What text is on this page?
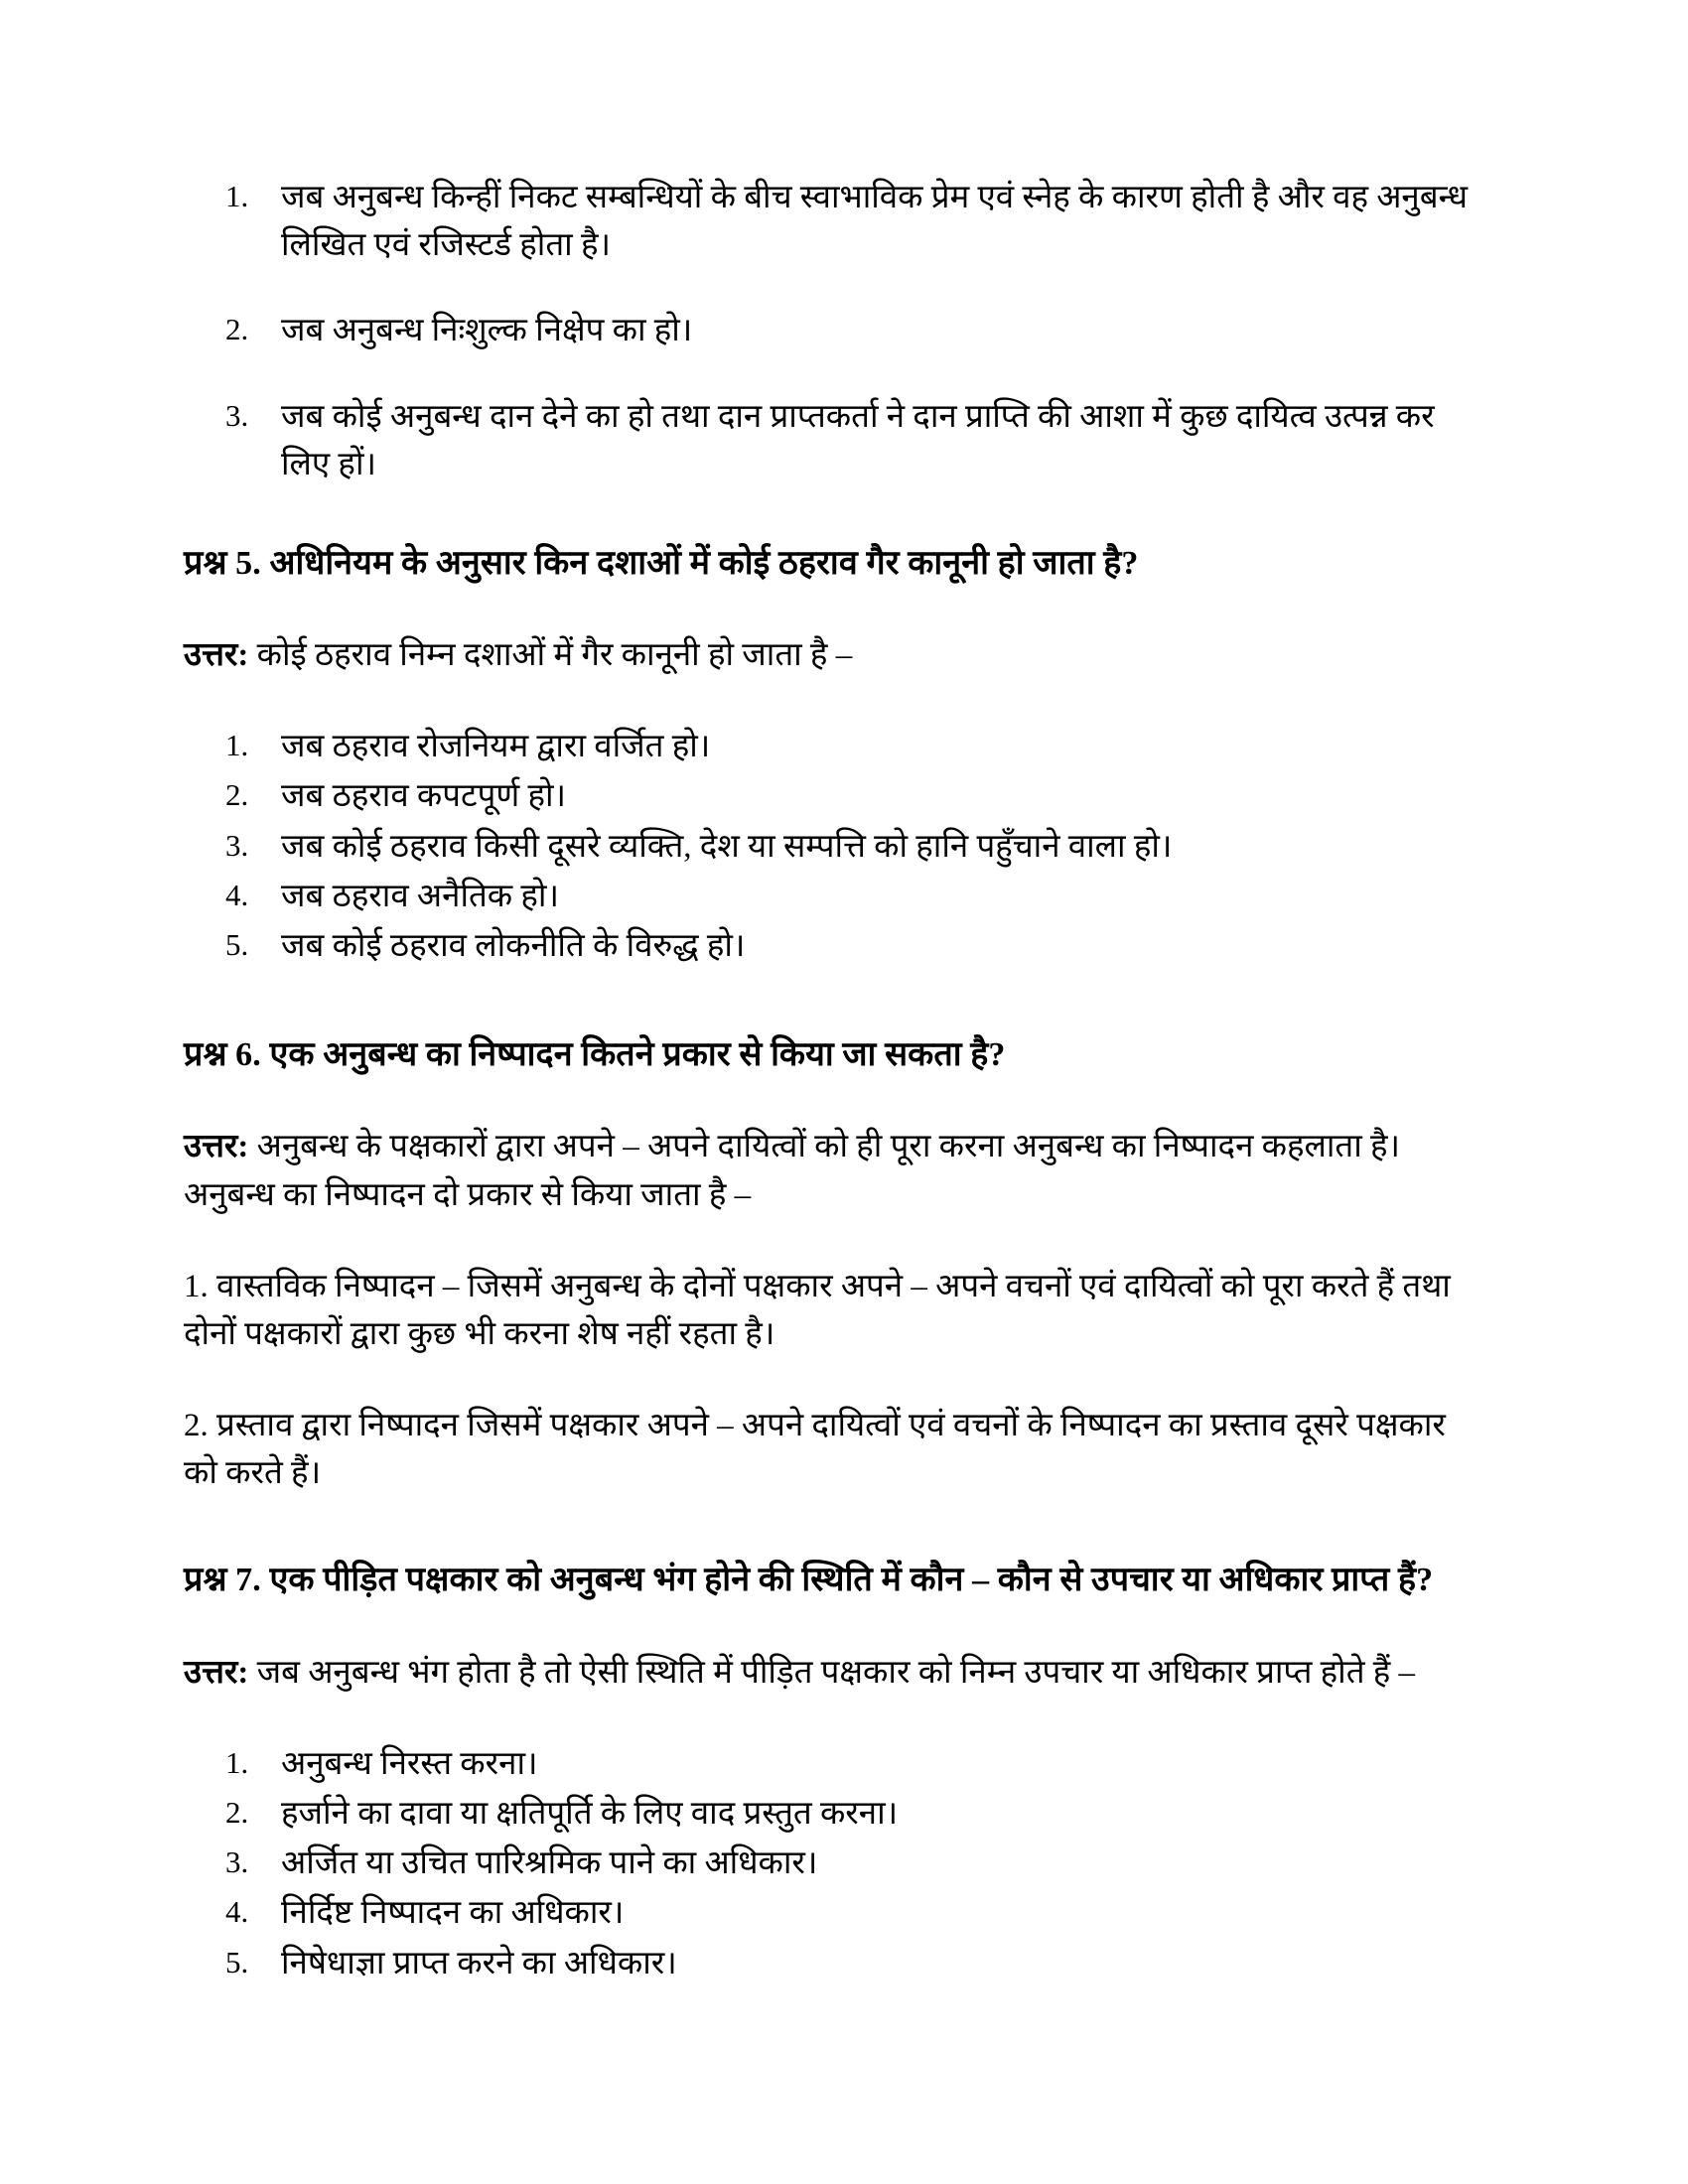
जब अनुबन्ध किन्हीं निकट सम्बन्धियों के बीच स्वाभाविक प्रेम एवं स्नेह के कारण होती है और वह अनुबन्ध लिखित एवं रजिस्टर्ड होता है।
जब अनुबन्ध निःशुल्क निक्षेप का हो।
जब कोई अनुबन्ध दान देने का हो तथा दान प्राप्तकर्ता ने दान प्राप्ति की आशा में कुछ दायित्व उत्पन्न कर लिए हों।
प्रश्न 5. अधिनियम के अनुसार किन दशाओं में कोई ठहराव गैर कानूनी हो जाता है?

उत्तर: कोई ठहराव निम्न दशाओं में गैर कानूनी हो जाता है –

जब ठहराव रोजनियम द्वारा वर्जित हो।
जब ठहराव कपटपूर्ण हो।
जब कोई ठहराव किसी दूसरे व्यक्ति, देश या सम्पत्ति को हानि पहुँचाने वाला हो।
जब ठहराव अनैतिक हो।
जब कोई ठहराव लोकनीति के विरुद्ध हो।
प्रश्न 6. एक अनुबन्ध का निष्पादन कितने प्रकार से किया जा सकता है?

उत्तर: अनुबन्ध के पक्षकारों द्वारा अपने – अपने दायित्वों को ही पूरा करना अनुबन्ध का निष्पादन कहलाता है। अनुबन्ध का निष्पादन दो प्रकार से किया जाता है –

1. वास्तविक निष्पादन – जिसमें अनुबन्ध के दोनों पक्षकार अपने – अपने वचनों एवं दायित्वों को पूरा करते हैं तथा दोनों पक्षकारों द्वारा कुछ भी करना शेष नहीं रहता है।

2. प्रस्ताव द्वारा निष्पादन जिसमें पक्षकार अपने – अपने दायित्वों एवं वचनों के निष्पादन का प्रस्ताव दूसरे पक्षकार को करते हैं।

प्रश्न 7. एक पीड़ित पक्षकार को अनुबन्ध भंग होने की स्थिति में कौन – कौन से उपचार या अधिकार प्राप्त हैं?

उत्तर: जब अनुबन्ध भंग होता है तो ऐसी स्थिति में पीड़ित पक्षकार को निम्न उपचार या अधिकार प्राप्त होते हैं –

अनुबन्ध निरस्त करना।
हर्जाने का दावा या क्षतिपूर्ति के लिए वाद प्रस्तुत करना।
अर्जित या उचित पारिश्रमिक पाने का अधिकार।
निर्दिष्ट निष्पादन का अधिकार।
निषेधाज्ञा प्राप्त करने का अधिकार।
